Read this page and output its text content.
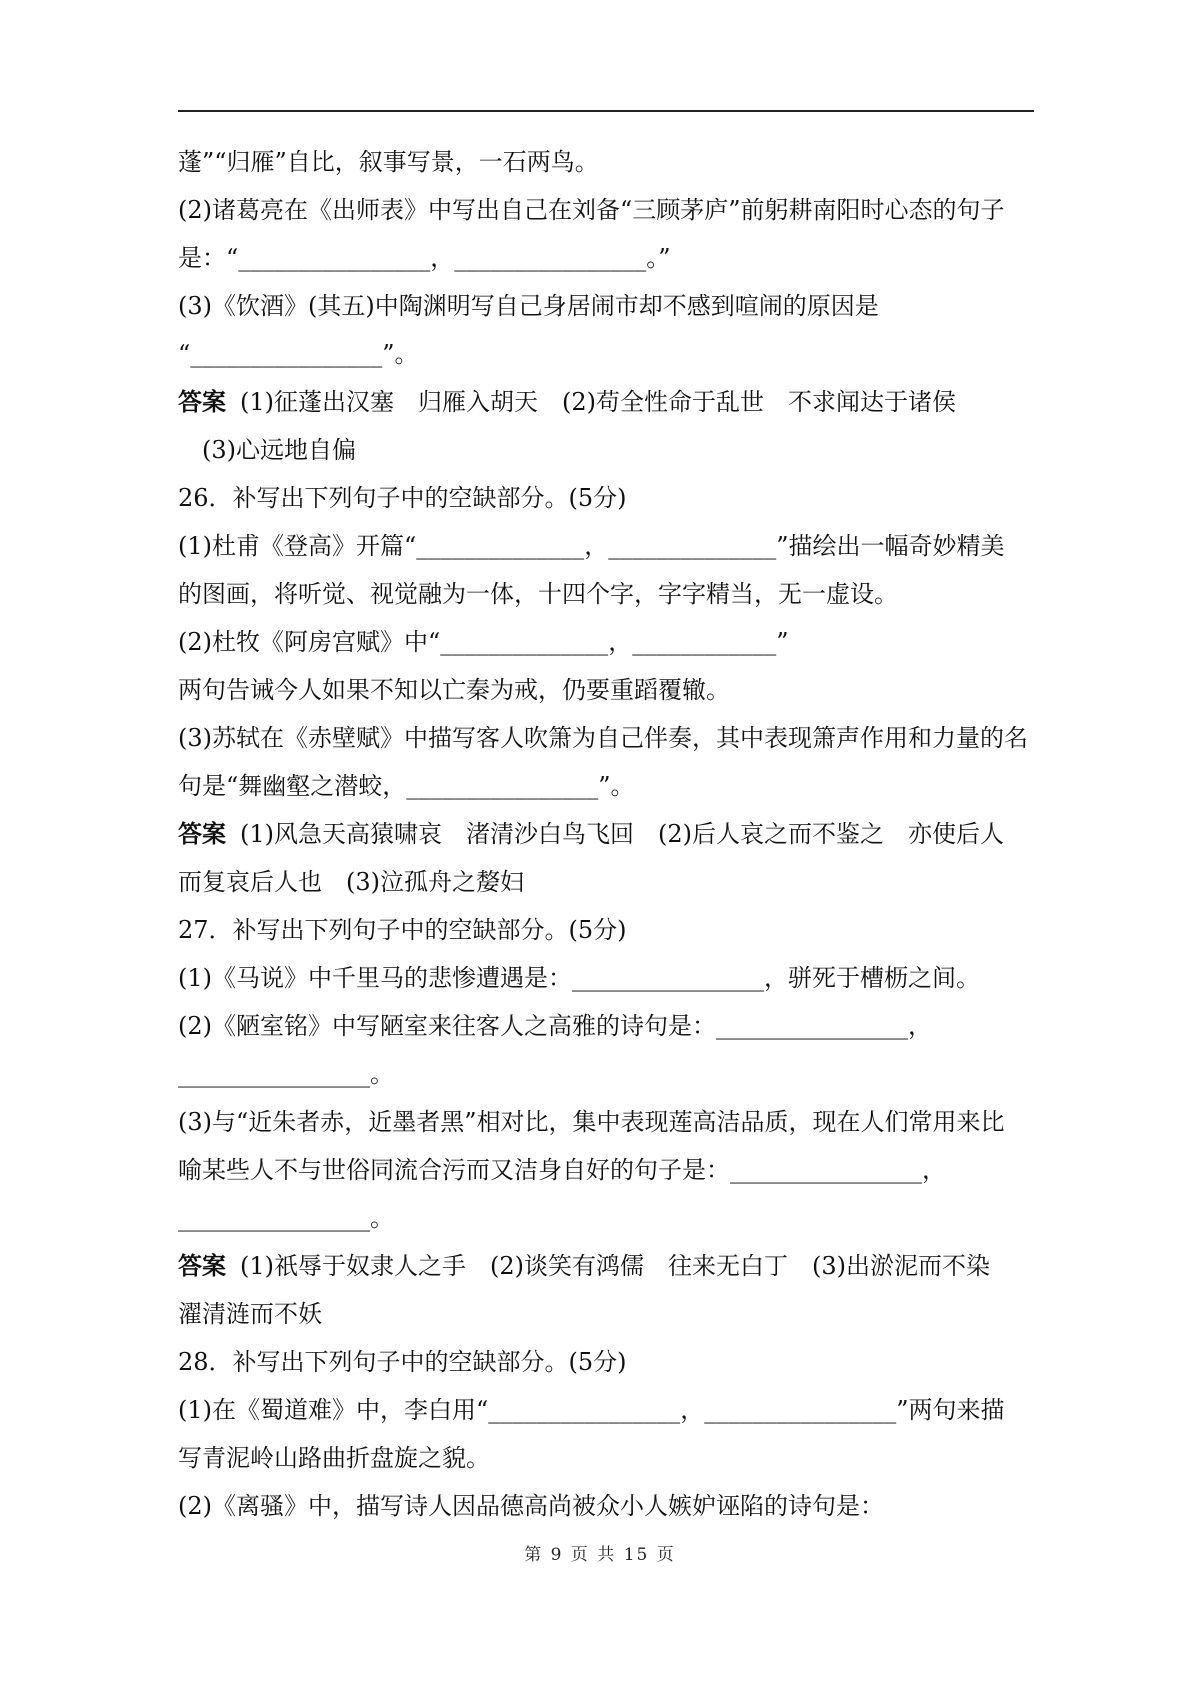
蓬”“归雁”自比，叙事写景，一石两鸟。
(2)诸葛亮在《出师表》中写出自己在刘备“三顾茅庐”前躬耕南阳时心态的句子
是：“________________，________________。”
(3)《饮酒》(其五)中陶渊明写自己身居闹市却不感到喧闹的原因是
“________________”。
答案 (1)征蓬出汉塞　归雁入胡天　(2)苟全性命于乱世　不求闻达于诸侯
(3)心远地自偏
26．补写出下列句子中的空缺部分。(5分)
(1)杜甫《登高》开篇“______________，______________”描绘出一幅奇妙精美
的图画，将听觉、视觉融为一体，十四个字，字字精当，无一虚设。
(2)杜牧《阿房宫赋》中“______________，____________”
两句告诫今人如果不知以亡秦为戒，仍要重蹈覆辙。
(3)苏轼在《赤壁赋》中描写客人吹箫为自己伴奏，其中表现箫声作用和力量的名
句是“舞幽壑之潜蛟，________________”。
答案 (1)风急天高猿啸哀　渚清沙白鸟飞回　(2)后人哀之而不鉴之　亦使后人
而复哀后人也　(3)泣孤舟之嫠妇
27．补写出下列句子中的空缺部分。(5分)
(1)《马说》中千里马的悲惨遭遇是：________________，骈死于槽枥之间。
(2)《陋室铭》中写陋室来往客人之高雅的诗句是：________________，
________________。
(3)与“近朱者赤，近墨者黑”相对比，集中表现莲高洁品质，现在人们常用来比
喻某些人不与世俗同流合污而又洁身自好的句子是：________________，
________________。
答案 (1)祇辱于奴隶人之手　(2)谈笑有鸿儒　往来无白丁　(3)出淤泥而不染
濯清涟而不妖
28．补写出下列句子中的空缺部分。(5分)
(1)在《蜀道难》中，李白用“________________，________________”两句来描
写青泥岭山路曲折盘旋之貌。
(2)《离骚》中，描写诗人因品德高尚被众小人嫉妒诬陷的诗句是：
第 9 页 共 15 页
